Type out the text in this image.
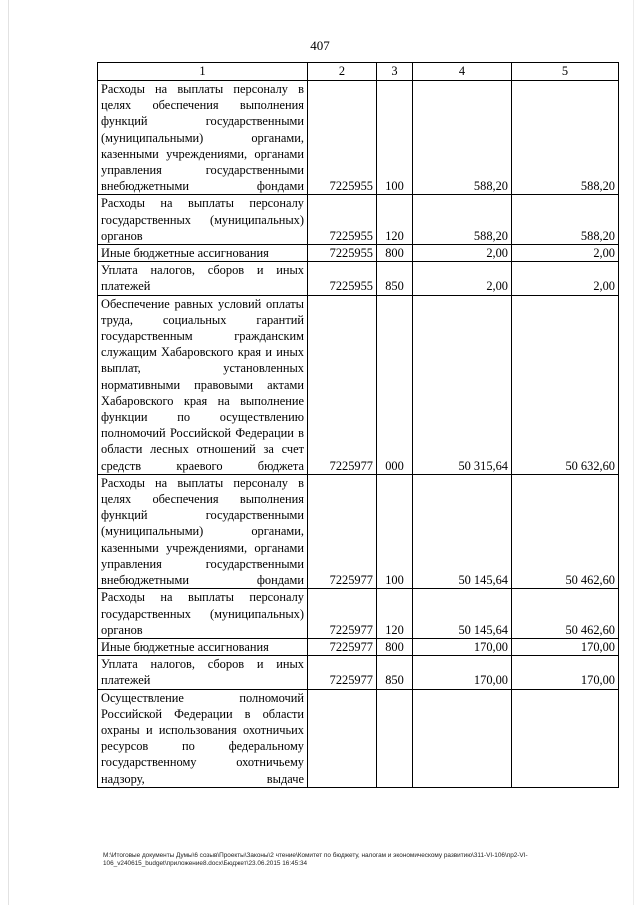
407
1	2	3	4	5
Расходы на выплаты персоналу в целях обеспечения выполнения функций государственными (муниципальными) органами, казенными учреждениями, органами управления государственными внебюджетными фондами	7225955	100	588,20	588,20
Расходы на выплаты персоналу государственных (муниципальных) органов	7225955	120	588,20	588,20
Иные бюджетные ассигнования	7225955	800	2,00	2,00
Уплата налогов, сборов и иных платежей	7225955	850	2,00	2,00
Обеспечение равных условий оплаты труда, социальных гарантий государственным гражданским служащим Хабаровского края и иных выплат, установленных нормативными правовыми актами Хабаровского края на выполнение функции по осуществлению полномочий Российской Федерации в области лесных отношений за счет средств краевого бюджета	7225977	000	50 315,64	50 632,60
Расходы на выплаты персоналу в целях обеспечения выполнения функций государственными (муниципальными) органами, казенными учреждениями, органами управления государственными внебюджетными фондами	7225977	100	50 145,64	50 462,60
Расходы на выплаты персоналу государственных (муниципальных) органов	7225977	120	50 145,64	50 462,60
Иные бюджетные ассигнования	7225977	800	170,00	170,00
Уплата налогов, сборов и иных платежей	7225977	850	170,00	170,00
Осуществление полномочий Российской Федерации в области охраны и использования охотничьих ресурсов по федеральному государственному охотничьему надзору, выдаче				
M:\Итоговые документы Думы\6 созыв\Проекты\Законы\2 чтение\Комитет по бюджету, налогам и экономическому развитию\311-VI-106\пр2-VI-106_v240615_budget\приложение8.docx\Бюджет\23.06.2015 16:45:34
